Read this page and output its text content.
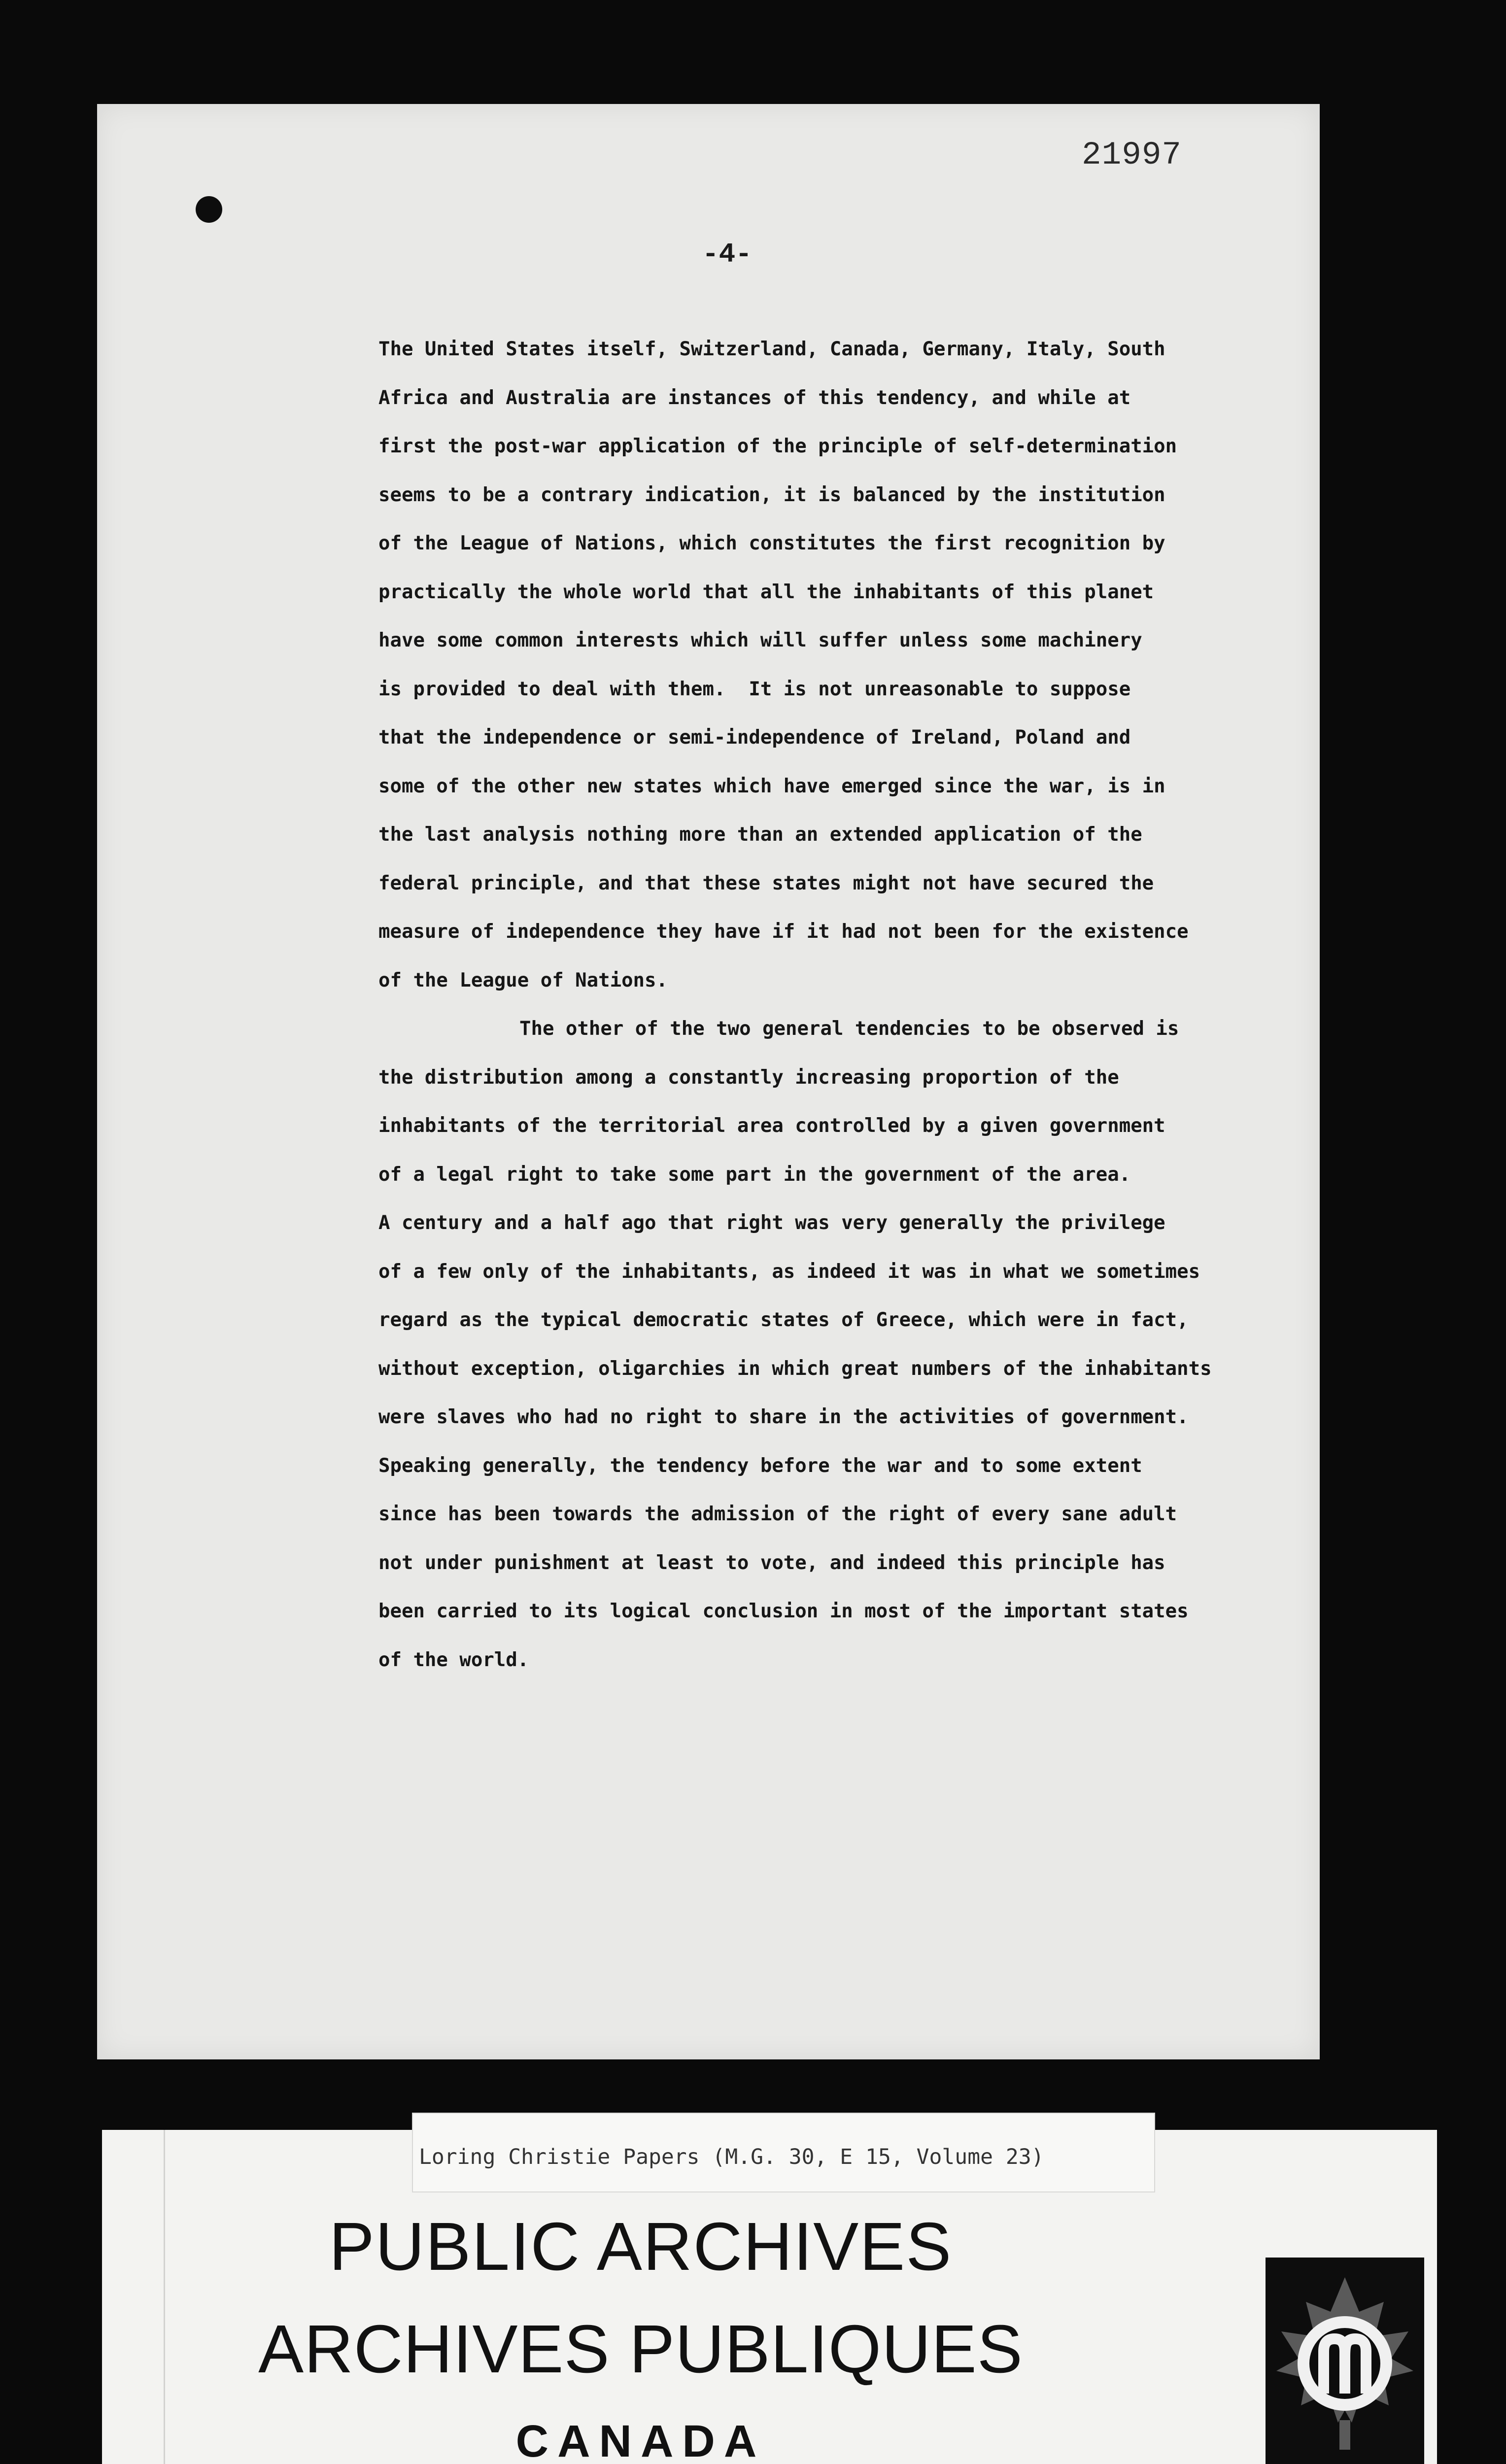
21997
-4-

The United States itself, Switzerland, Canada, Germany, Italy, South
Africa and Australia are instances of this tendency, and while at
first the post-war application of the principle of self-determination
seems to be a contrary indication, it is balanced by the institution
of the League of Nations, which constitutes the first recognition by
practically the whole world that all the inhabitants of this planet
have some common interests which will suffer unless some machinery
is provided to deal with them.  It is not unreasonable to suppose
that the independence or semi-independence of Ireland, Poland and
some of the other new states which have emerged since the war, is in
the last analysis nothing more than an extended application of the
federal principle, and that these states might not have secured the
measure of independence they have if it had not been for the existence
of the League of Nations.

The other of the two general tendencies to be observed is
the distribution among a constantly increasing proportion of the
inhabitants of the territorial area controlled by a given government
of a legal right to take some part in the government of the area.
A century and a half ago that right was very generally the privilege
of a few only of the inhabitants, as indeed it was in what we sometimes
regard as the typical democratic states of Greece, which were in fact,
without exception, oligarchies in which great numbers of the inhabitants
were slaves who had no right to share in the activities of government.
Speaking generally, the tendency before the war and to some extent
since has been towards the admission of the right of every sane adult
not under punishment at least to vote, and indeed this principle has
been carried to its logical conclusion in most of the important states
of the world.

Loring Christie Papers (M.G. 30, E 15, Volume 23)
PUBLIC ARCHIVES
ARCHIVES PUBLIQUES
CANADA
